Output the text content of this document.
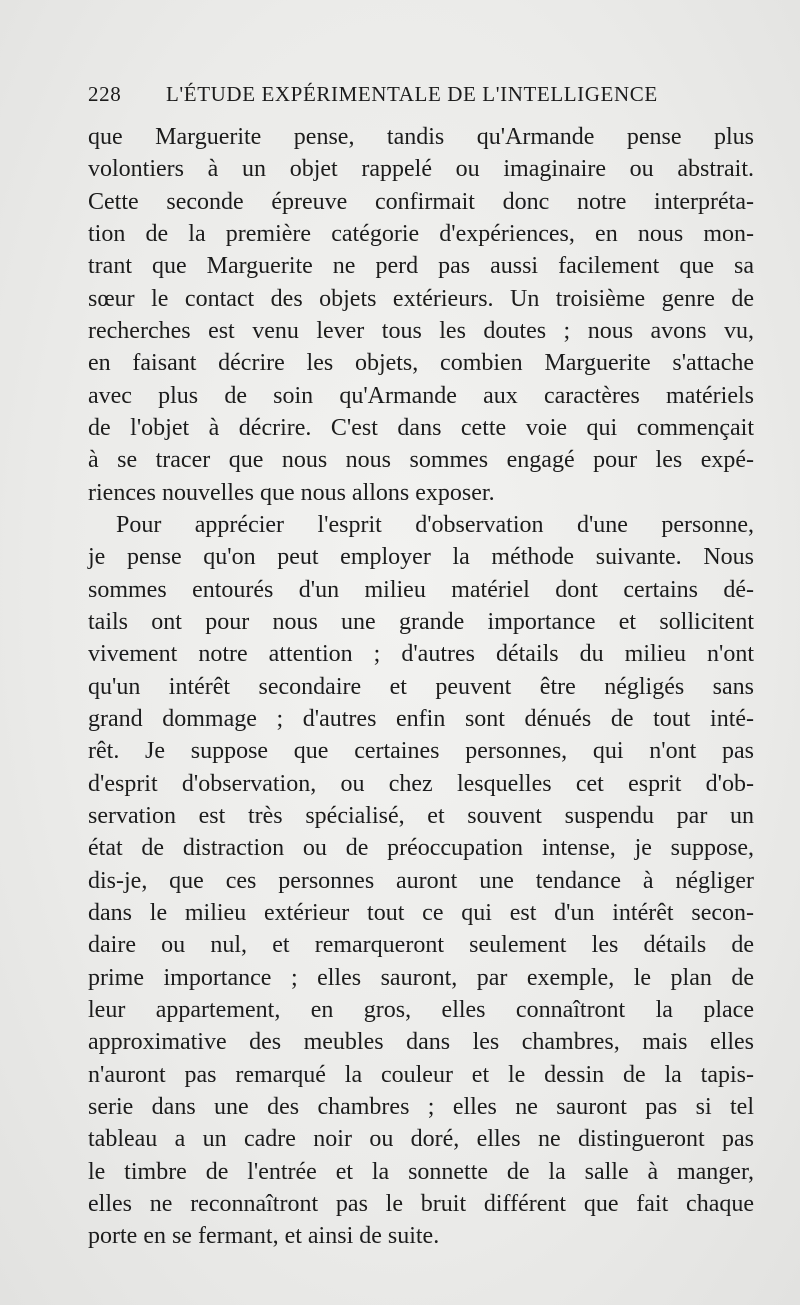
228 L'ÉTUDE EXPÉRIMENTALE DE L'INTELLIGENCE
que Marguerite pense, tandis qu'Armande pense plus
volontiers à un objet rappelé ou imaginaire ou abstrait.
Cette seconde épreuve confirmait donc notre interpréta-
tion de la première catégorie d'expériences, en nous mon-
trant que Marguerite ne perd pas aussi facilement que sa
sœur le contact des objets extérieurs. Un troisième genre de
recherches est venu lever tous les doutes ; nous avons vu,
en faisant décrire les objets, combien Marguerite s'attache
avec plus de soin qu'Armande aux caractères matériels
de l'objet à décrire. C'est dans cette voie qui commençait
à se tracer que nous nous sommes engagé pour les expé-
riences nouvelles que nous allons exposer.
Pour apprécier l'esprit d'observation d'une personne,
je pense qu'on peut employer la méthode suivante. Nous
sommes entourés d'un milieu matériel dont certains dé-
tails ont pour nous une grande importance et sollicitent
vivement notre attention ; d'autres détails du milieu n'ont
qu'un intérêt secondaire et peuvent être négligés sans
grand dommage ; d'autres enfin sont dénués de tout inté-
rêt. Je suppose que certaines personnes, qui n'ont pas
d'esprit d'observation, ou chez lesquelles cet esprit d'ob-
servation est très spécialisé, et souvent suspendu par un
état de distraction ou de préoccupation intense, je suppose,
dis-je, que ces personnes auront une tendance à négliger
dans le milieu extérieur tout ce qui est d'un intérêt secon-
daire ou nul, et remarqueront seulement les détails de
prime importance ; elles sauront, par exemple, le plan de
leur appartement, en gros, elles connaîtront la place
approximative des meubles dans les chambres, mais elles
n'auront pas remarqué la couleur et le dessin de la tapis-
serie dans une des chambres ; elles ne sauront pas si tel
tableau a un cadre noir ou doré, elles ne distingueront pas
le timbre de l'entrée et la sonnette de la salle à manger,
elles ne reconnaîtront pas le bruit différent que fait chaque
porte en se fermant, et ainsi de suite.
